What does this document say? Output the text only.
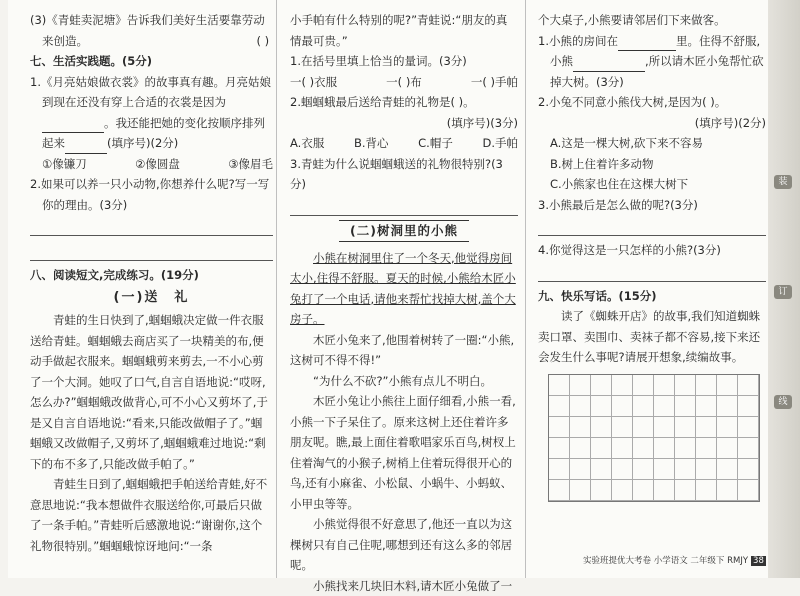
(3)《青蛙卖泥塘》告诉我们美好生活要靠劳动来创造。	( )

七、生活实践题。(5分)

1.《月亮姑娘做衣裳》的故事真有趣。月亮姑娘到现在还没有穿上合适的衣裳是因为。我还能把她的变化按顺序排列起来	(填序号)(2分)

①像镰刀	②像圆盘	③像眉毛

2.如果可以养一只小动物,你想养什么呢?写一写你的理由。(3分)

八、阅读短文,完成练习。(19分)

(一)送　礼

青蛙的生日快到了,蝈蝈蛾决定做一件衣服送给青蛙。蝈蝈蛾去商店买了一块精美的布,便动手做起衣服来。蝈蝈蛾剪来剪去,一不小心剪了一个大洞。她叹了口气,自言自语地说:“哎呀,怎么办?”蝈蝈蛾改做背心,可不小心又剪坏了,于是又自言自语地说:“看来,只能改做帽子了。”蝈蝈蛾又改做帽子,又剪坏了,蝈蝈蛾难过地说:“剩下的布不多了,只能改做手帕了。”

青蛙生日到了,蝈蝈蛾把手帕送给青蛙,好不意思地说:“我本想做件衣服送给你,可最后只做了一条手帕。”青蛙听后感激地说:“谢谢你,这个礼物很特别。”蝈蝈蛾惊讶地问:“一条

小手帕有什么特别的呢?”青蛙说:“朋友的真情最可贵。”

1.在括号里填上恰当的量词。(3分)

一( )衣服	一( )布	一( )手帕

2.蝈蝈蛾最后送给青蛙的礼物是( )。

(填序号)(3分)

A.衣服	B.背心	C.帽子	D.手帕

3.青蛙为什么说蝈蝈蛾送的礼物很特别?(3分)

(二)树洞里的小熊

小熊在树洞里住了一个冬天,他觉得房间太小,住得不舒服。夏天的时候,小熊给木匠小兔打了一个电话,请他来帮忙找掉大树,盖个大房子。

木匠小兔来了,他围着树转了一圈:“小熊,这树可不得不得!”

“为什么不砍?”小熊有点儿不明白。

木匠小兔让小熊往上面仔细看,小熊一看,小熊一下子呆住了。原来这树上还住着许多朋友呢。瞧,最上面住着歌唱家乐百鸟,树杈上住着淘气的小猴子,树梢上住着玩得很开心的鸟,还有小麻雀、小松鼠、小蜗牛、小蚂蚁、小甲虫等等。

小熊觉得很不好意思了,他还一直以为这棵树只有自己住呢,哪想到还有这么多的邻居呢。

小熊找来几块旧木料,请木匠小兔做了一

个大桌子,小熊要请邻居们下来做客。

1.小熊的房间在	里。住得不舒服,小熊	,所以请木匠小兔帮忙砍掉大树。(3分)

2.小兔不同意小熊伐大树,是因为( )。

(填序号)(2分)

A.这是一棵大树,砍下来不容易

B.树上住着许多动物

C.小熊家也住在这棵大树下

3.小熊最后是怎么做的呢?(3分)

4.你觉得这是一只怎样的小熊?(3分)

九、快乐写话。(15分)

读了《蜘蛛开店》的故事,我们知道蜘蛛卖口罩、卖围巾、卖袜子都不容易,接下来还会发生什么事呢?请展开想象,续编故事。

实验班提优大考卷 小学语文 二年级下 RMJY 38
装
订
线
